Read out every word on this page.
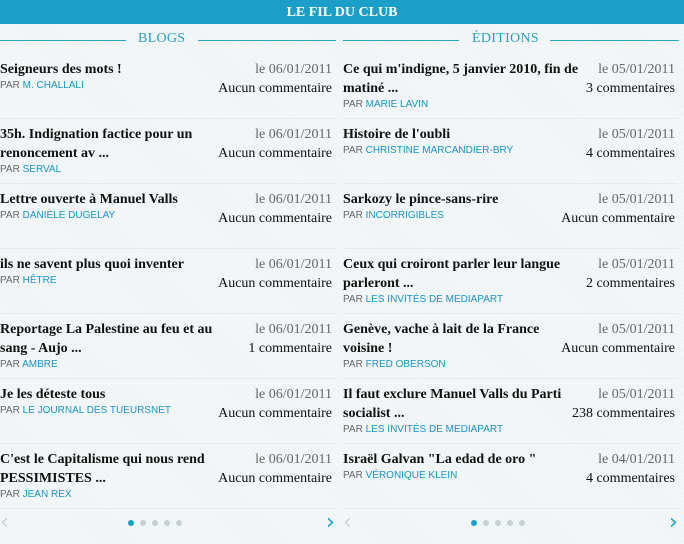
LE FIL DU CLUB
BLOGS
Seigneurs des mots !	le 06/01/2011
Aucun commentaire
PAR M. CHALLALI
35h. Indignation factice pour un renoncement av ...
le 06/01/2011
Aucun commentaire
PAR SERVAL
Lettre ouverte à Manuel Valls	le 06/01/2011
Aucun commentaire
PAR DANIÈLE DUGELAY
ils ne savent plus quoi inventer	le 06/01/2011
Aucun commentaire
PAR HÊTRE
Reportage La Palestine au feu et au sang - Aujo ...
le 06/01/2011
1 commentaire
PAR AMBRE
Je les déteste tous	le 06/01/2011
Aucun commentaire
PAR LE JOURNAL DES TUEURSNET
C'est le Capitalisme qui nous rend PESSIMISTES ...
le 06/01/2011
Aucun commentaire
PAR JEAN REX
‹	›
ÉDITIONS
Ce qui m'indigne, 5 janvier 2010, fin de matiné ...
le 05/01/2011
3 commentaires
PAR MARIE LAVIN
Histoire de l'oubli	le 05/01/2011
4 commentaires
PAR CHRISTINE MARCANDIER-BRY
Sarkozy le pince-sans-rire	le 05/01/2011
Aucun commentaire
PAR INCORRIGIBLES
Ceux qui croiront parler leur langue parleront ...
le 05/01/2011
2 commentaires
PAR LES INVITÉS DE MEDIAPART
Genève, vache à lait de la France voisine !
le 05/01/2011
Aucun commentaire
PAR FRED OBERSON
Il faut exclure Manuel Valls du Parti socialist ...
le 05/01/2011
238 commentaires
PAR LES INVITÉS DE MEDIAPART
Israël Galvan "La edad de oro "	le 04/01/2011
4 commentaires
PAR VÉRONIQUE KLEIN
‹	›
